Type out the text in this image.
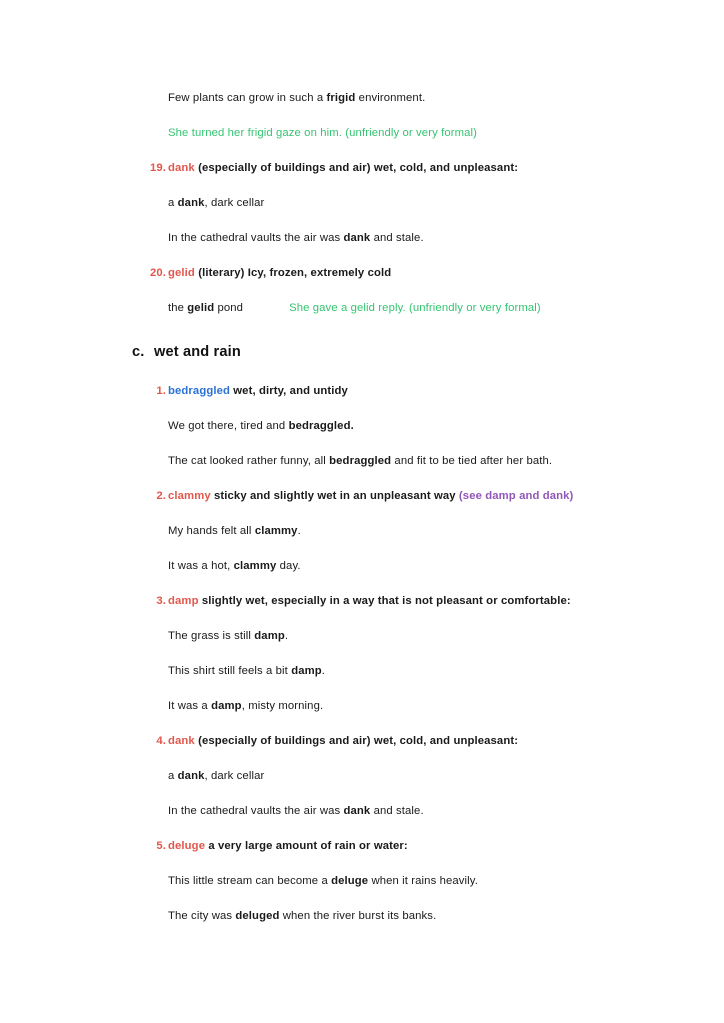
Few plants can grow in such a frigid environment.
She turned her frigid gaze on him. (unfriendly or very formal)
19. dank (especially of buildings and air) wet, cold, and unpleasant:
a dank, dark cellar
In the cathedral vaults the air was dank and stale.
20. gelid (literary) Icy, frozen, extremely cold
the gelid pond	She gave a gelid reply. (unfriendly or very formal)
c. wet and rain
1. bedraggled wet, dirty, and untidy
We got there, tired and bedraggled.
The cat looked rather funny, all bedraggled and fit to be tied after her bath.
2. clammy sticky and slightly wet in an unpleasant way (see damp and dank)
My hands felt all clammy.
It was a hot, clammy day.
3. damp slightly wet, especially in a way that is not pleasant or comfortable:
The grass is still damp.
This shirt still feels a bit damp.
It was a damp, misty morning.
4. dank (especially of buildings and air) wet, cold, and unpleasant:
a dank, dark cellar
In the cathedral vaults the air was dank and stale.
5. deluge a very large amount of rain or water:
This little stream can become a deluge when it rains heavily.
The city was deluged when the river burst its banks.
